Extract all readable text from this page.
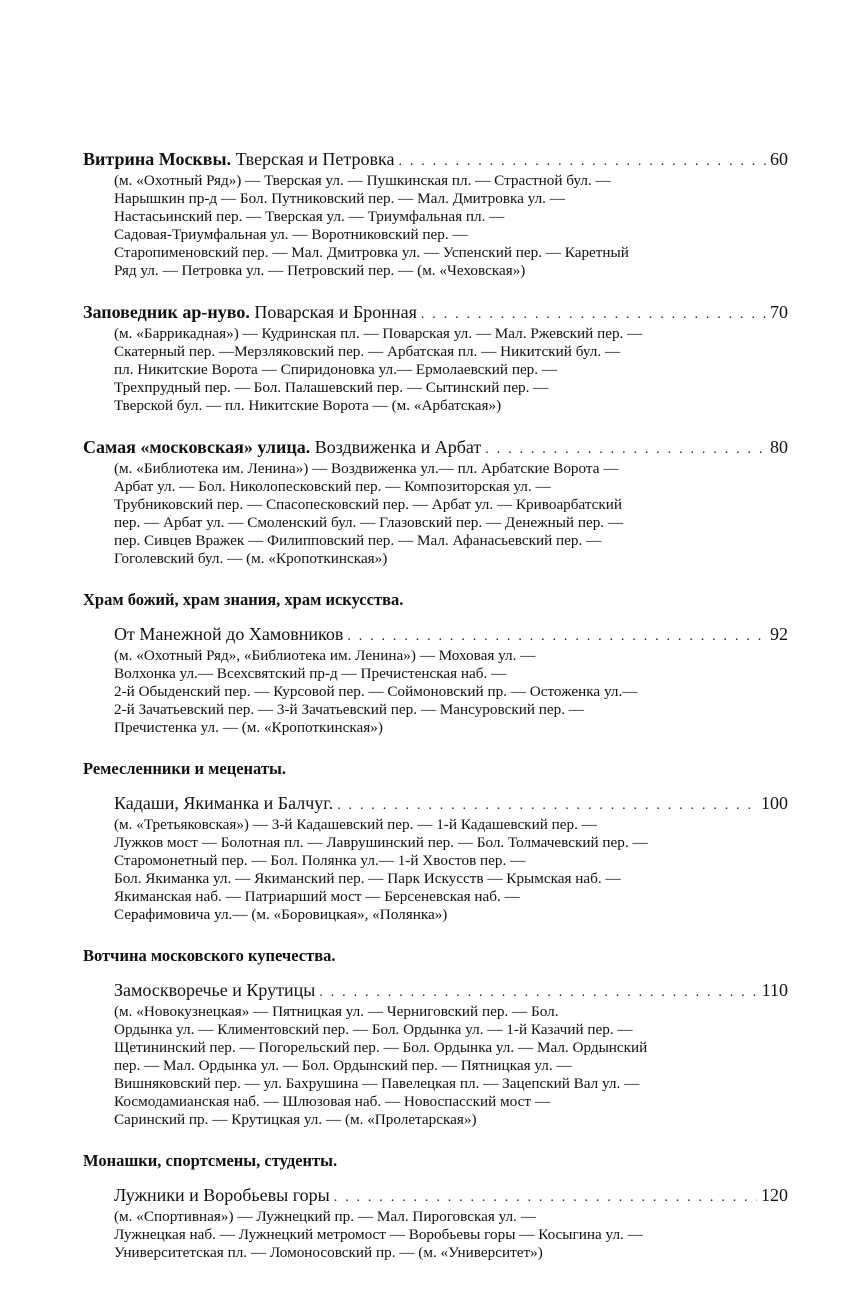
Витрина Москвы. Тверская и Петровка . . .	60
(м. «Охотный Ряд») — Тверская ул. — Пушкинская пл. — Страстной бул. —
Нарышкин пр-д — Бол. Путниковский пер. — Мал. Дмитровка ул. —
Настасьинский пер. — Тверская ул. — Триумфальная пл. —
Садовая-Триумфальная ул. — Воротниковский пер. —
Старопименовский пер. — Мал. Дмитровка ул. — Успенский пер. — Каретный
Ряд ул. — Петровка ул. — Петровский пер. — (м. «Чеховская»)
Заповедник ар-нуво. Поварская и Бронная . . .	70
(м. «Баррикадная») — Кудринская пл. — Поварская ул. — Мал. Ржевский пер. —
Скатерный пер. —Мерзляковский пер. — Арбатская пл. — Никитский бул. —
пл. Никитские Ворота — Спиридоновка ул.— Ермолаевский пер. —
Трехпрудный пер. — Бол. Палашевский пер. — Сытинский пер. —
Тверской бул. — пл. Никитские Ворота — (м. «Арбатская»)
Самая «московская» улица. Воздвиженка и Арбат . . .	80
(м. «Библиотека им. Ленина») — Воздвиженка ул.— пл. Арбатские Ворота —
Арбат ул. — Бол. Николопесковский пер. — Композиторская ул. —
Трубниковский пер. — Спасопесковский пер. — Арбат ул. — Кривоарбатский
пер. — Арбат ул. — Смоленский бул. — Глазовский пер. — Денежный пер. —
пер. Сивцев Вражек — Филипповский пер. — Мал. Афанасьевский пер. —
Гоголевский бул. — (м. «Кропоткинская»)
Храм божий, храм знания, храм искусства.
От Манежной до Хамовников . . .	92
(м. «Охотный Ряд», «Библиотека им. Ленина») — Моховая ул. —
Волхонка ул.— Всехсвятский пр-д — Пречистенская наб. —
2-й Обыденский пер. — Курсовой пер. — Соймоновский пр. — Остоженка ул.—
2-й Зачатьевский пер. — 3-й Зачатьевский пер. — Мансуровский пер. —
Пречистенка ул. — (м. «Кропоткинская»)
Ремесленники и меценаты.
Кадаши, Якиманка и Балчуг. . . .	100
(м. «Третьяковская») — 3-й Кадашевский пер. — 1-й Кадашевский пер. —
Лужков мост — Болотная пл. — Лаврушинский пер. — Бол. Толмачевский пер. —
Старомонетный пер. — Бол. Полянка ул.— 1-й Хвостов пер. —
Бол. Якиманка ул. — Якиманский пер. — Парк Искусств — Крымская наб. —
Якиманская наб. — Патриарший мост — Берсеневская наб. —
Серафимовича ул.— (м. «Боровицкая», «Полянка»)
Вотчина московского купечества.
Замоскворечье и Крутицы . . .	110
(м. «Новокузнецкая» — Пятницкая ул. — Черниговский пер. — Бол.
Ордынка ул. — Климентовский пер. — Бол. Ордынка ул. — 1-й Казачий пер. —
Щетининский пер. — Погорельский пер. — Бол. Ордынка ул. — Мал. Ордынский
пер. — Мал. Ордынка ул. — Бол. Ордынский пер. — Пятницкая ул. —
Вишняковский пер. — ул. Бахрушина — Павелецкая пл. — Зацепский Вал ул. —
Космодамианская наб. — Шлюзовая наб. — Новоспасский мост —
Саринский пр. — Крутицкая ул. — (м. «Пролетарская»)
Монашки, спортсмены, студенты.
Лужники и Воробьевы горы . . .	120
(м. «Спортивная») — Лужнецкий пр. — Мал. Пироговская ул. —
Лужнецкая наб. — Лужнецкий метромост — Воробьевы горы — Косыгина ул. —
Университетская пл. — Ломоносовский пр. — (м. «Университет»)
